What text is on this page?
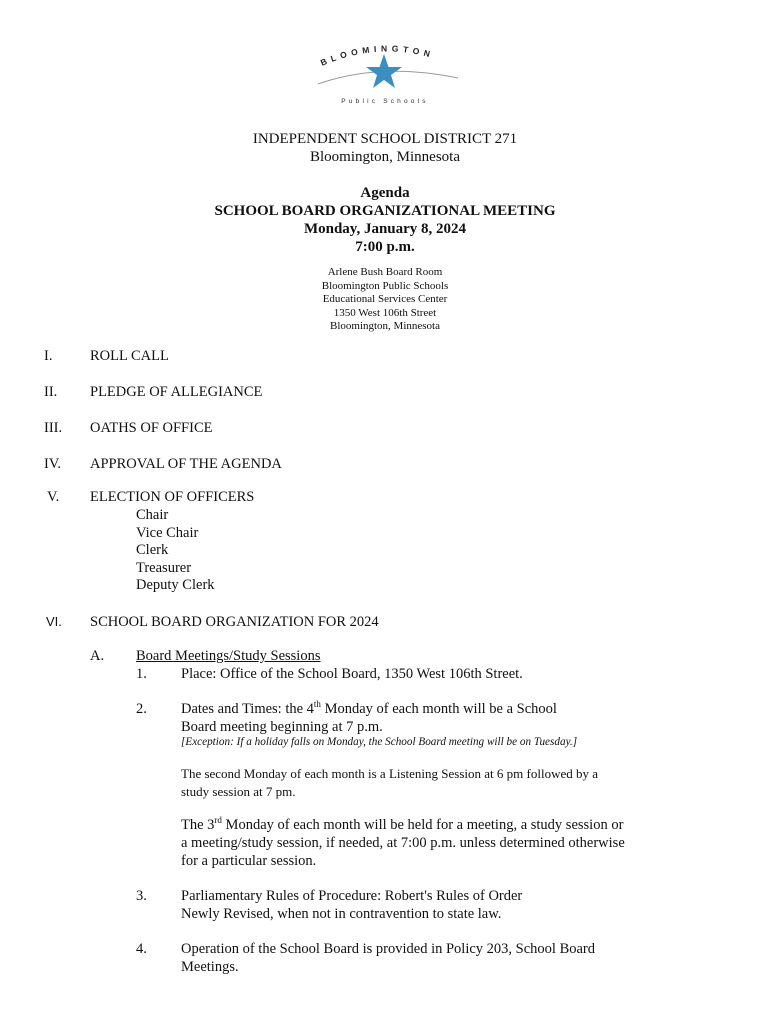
BLOOMINGTON
Public Schools
INDEPENDENT SCHOOL DISTRICT 271
Bloomington, Minnesota
Agenda
SCHOOL BOARD ORGANIZATIONAL MEETING
Monday, January 8, 2024
7:00 p.m.
Arlene Bush Board Room
Bloomington Public Schools
Educational Services Center
1350 West 106th Street
Bloomington, Minnesota
I.	ROLL CALL
II. PLEDGE OF ALLEGIANCE
III. OATHS OF OFFICE
IV. APPROVAL OF THE AGENDA
V. ELECTION OF OFFICERS
Chair
Vice Chair
Clerk
Treasurer
Deputy Clerk
VI. SCHOOL BOARD ORGANIZATION FOR 2024
A. Board Meetings/Study Sessions
1. Place: Office of the School Board, 1350 West 106th Street.
2. Dates and Times: the 4th Monday of each month will be a School
Board meeting beginning at 7 p.m.
[Exception: If a holiday falls on Monday, the School Board meeting will be on Tuesday.]
The second Monday of each month is a Listening Session at 6 pm followed by a
study session at 7 pm.
The 3rd Monday of each month will be held for a meeting, a study session or
a meeting/study session, if needed, at 7:00 p.m. unless determined otherwise
for a particular session.
3. Parliamentary Rules of Procedure: Robert's Rules of Order
Newly Revised, when not in contravention to state law.
4. Operation of the School Board is provided in Policy 203, School Board
Meetings.
